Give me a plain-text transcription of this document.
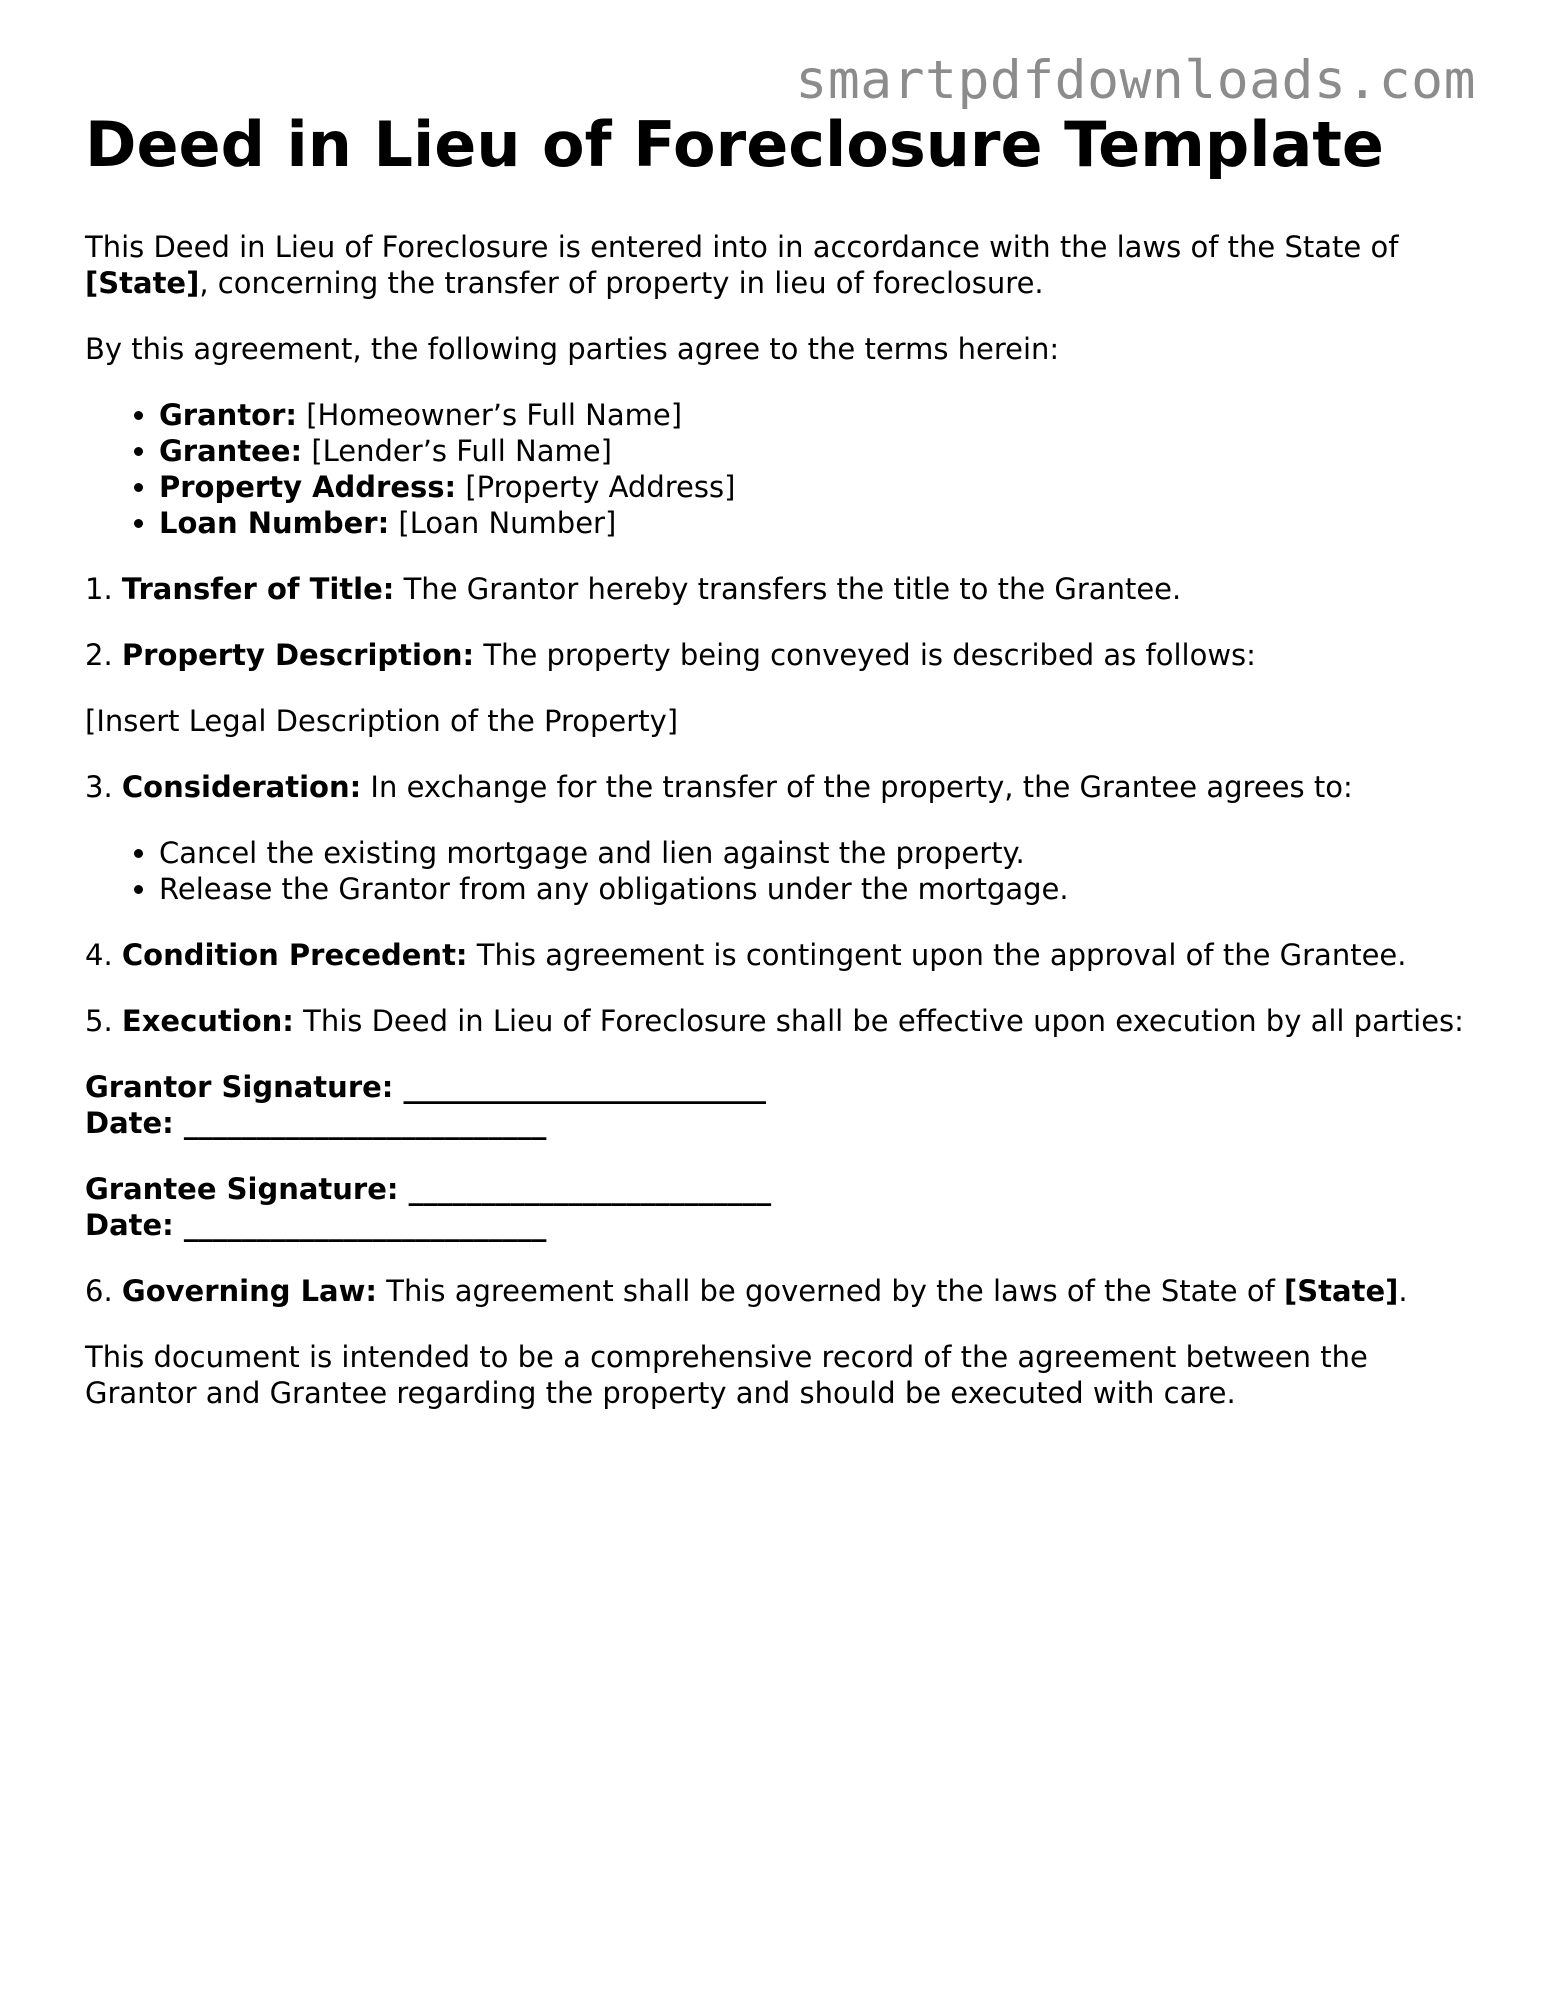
smartpdfdownloads.com
Deed in Lieu of Foreclosure Template

This Deed in Lieu of Foreclosure is entered into in accordance with the laws of the State of [State], concerning the transfer of property in lieu of foreclosure.

By this agreement, the following parties agree to the terms herein:

• Grantor: [Homeowner’s Full Name]
• Grantee: [Lender’s Full Name]
• Property Address: [Property Address]
• Loan Number: [Loan Number]

1. Transfer of Title: The Grantor hereby transfers the title to the Grantee.

2. Property Description: The property being conveyed is described as follows:

[Insert Legal Description of the Property]

3. Consideration: In exchange for the transfer of the property, the Grantee agrees to:

• Cancel the existing mortgage and lien against the property.
• Release the Grantor from any obligations under the mortgage.

4. Condition Precedent: This agreement is contingent upon the approval of the Grantee.

5. Execution: This Deed in Lieu of Foreclosure shall be effective upon execution by all parties:

Grantor Signature: _________________________
Date: _________________________
Grantee Signature: _________________________
Date: _________________________

6. Governing Law: This agreement shall be governed by the laws of the State of [State].

This document is intended to be a comprehensive record of the agreement between the Grantor and Grantee regarding the property and should be executed with care.
